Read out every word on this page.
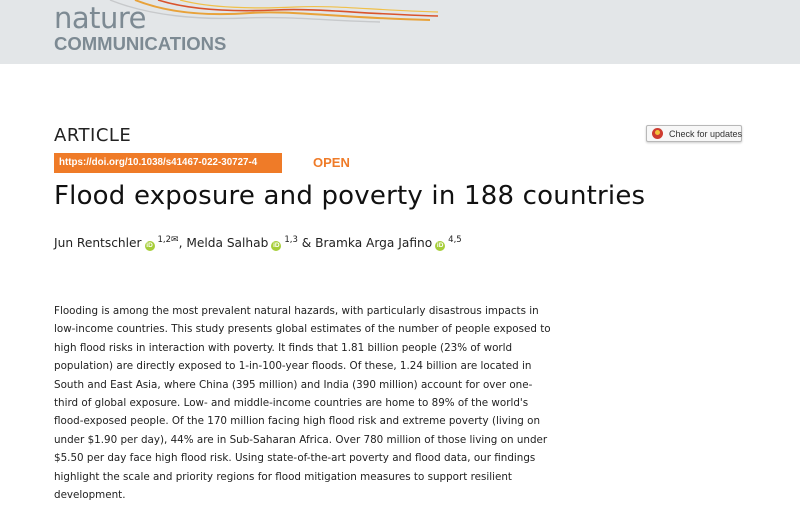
nature
COMMUNICATIONS
ARTICLE	Check for updates
https://doi.org/10.1038/s41467-022-30727-4	OPEN
Flood exposure and poverty in 188 countries
Jun Rentschler iD$^{1,2✉}$, Melda Salhab iD$^{1,3}$ & Bramka Arga Jafino iD$^{4,5}$

Flooding is among the most prevalent natural hazards, with particularly disastrous impacts in low-income countries. This study presents global estimates of the number of people exposed to high flood risks in interaction with poverty. It finds that 1.81 billion people (23% of world population) are directly exposed to 1-in-100-year floods. Of these, 1.24 billion are located in South and East Asia, where China (395 million) and India (390 million) account for over one-third of global exposure. Low- and middle-income countries are home to 89% of the world's flood-exposed people. Of the 170 million facing high flood risk and extreme poverty (living on under $1.90 per day), 44% are in Sub-Saharan Africa. Over 780 million of those living on under $5.50 per day face high flood risk. Using state-of-the-art poverty and flood data, our findings highlight the scale and priority regions for flood mitigation measures to support resilient development.
